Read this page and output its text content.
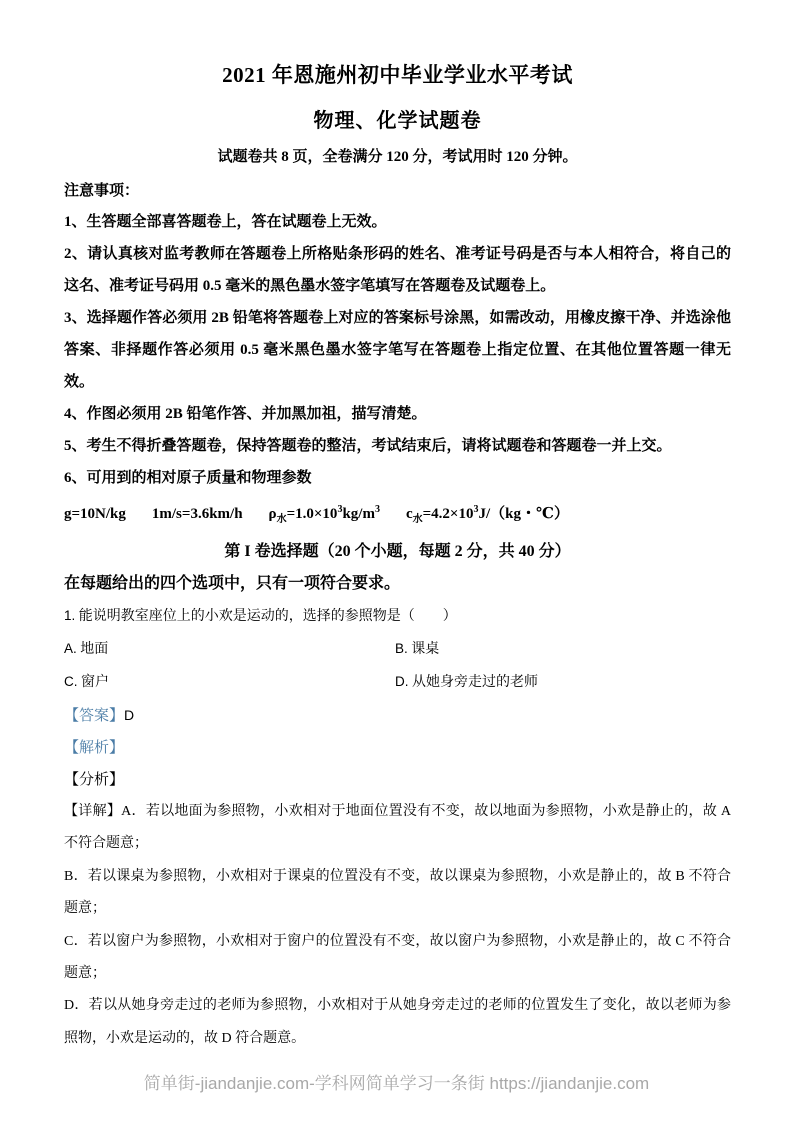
2021 年恩施州初中毕业学业水平考试
物理、化学试题卷
试题卷共 8 页，全卷满分 120 分，考试用时 120 分钟。
注意事项：

1、生答题全部喜答题卷上，答在试题卷上无效。

2、请认真核对监考教师在答题卷上所格贴条形码的姓名、准考证号码是否与本人相符合，将自己的这名、准考证号码用 0.5 毫米的黑色墨水签字笔填写在答题卷及试题卷上。

3、选择题作答必须用 2B 铅笔将答题卷上对应的答案标号涂黑，如需改动，用橡皮擦干净、并选涂他答案、非择题作答必须用 0.5 毫米黑色墨水签字笔写在答题卷上指定位置、在其他位置答题一律无效。

4、作图必须用 2B 铅笔作答、并加黑加祖，描写清楚。

5、考生不得折叠答题卷，保持答题卷的整洁，考试结束后，请将试题卷和答题卷一并上交。

6、可用到的相对原子质量和物理参数

g=10N/kg 1m/s=3.6km/h $\rho_水=1.0\times 10^3kg/m^3$ $c_水=4.2\times 10^3J/(kg$・℃）

第 I 卷选择题（20 个小题，每题 2 分，共 40 分）
在每题给出的四个选项中，只有一项符合要求。

1. 能说明教室座位上的小欢是运动的，选择的参照物是（　　）

A. 地面	B. 课桌
C. 窗户	D. 从她身旁走过的老师

【答案】D

【解析】

【分析】

【详解】A．若以地面为参照物，小欢相对于地面位置没有不变，故以地面为参照物，小欢是静止的，故 A 不符合题意；

B．若以课桌为参照物，小欢相对于课桌的位置没有不变，故以课桌为参照物，小欢是静止的，故 B 不符合题意；

C．若以窗户为参照物，小欢相对于窗户的位置没有不变，故以窗户为参照物，小欢是静止的，故 C 不符合题意；

D．若以从她身旁走过的老师为参照物，小欢相对于从她身旁走过的老师的位置发生了变化，故以老师为参照物，小欢是运动的，故 D 符合题意。

简单街-jiandanjie.com-学科网简单学习一条街 https://jiandanjie.com
